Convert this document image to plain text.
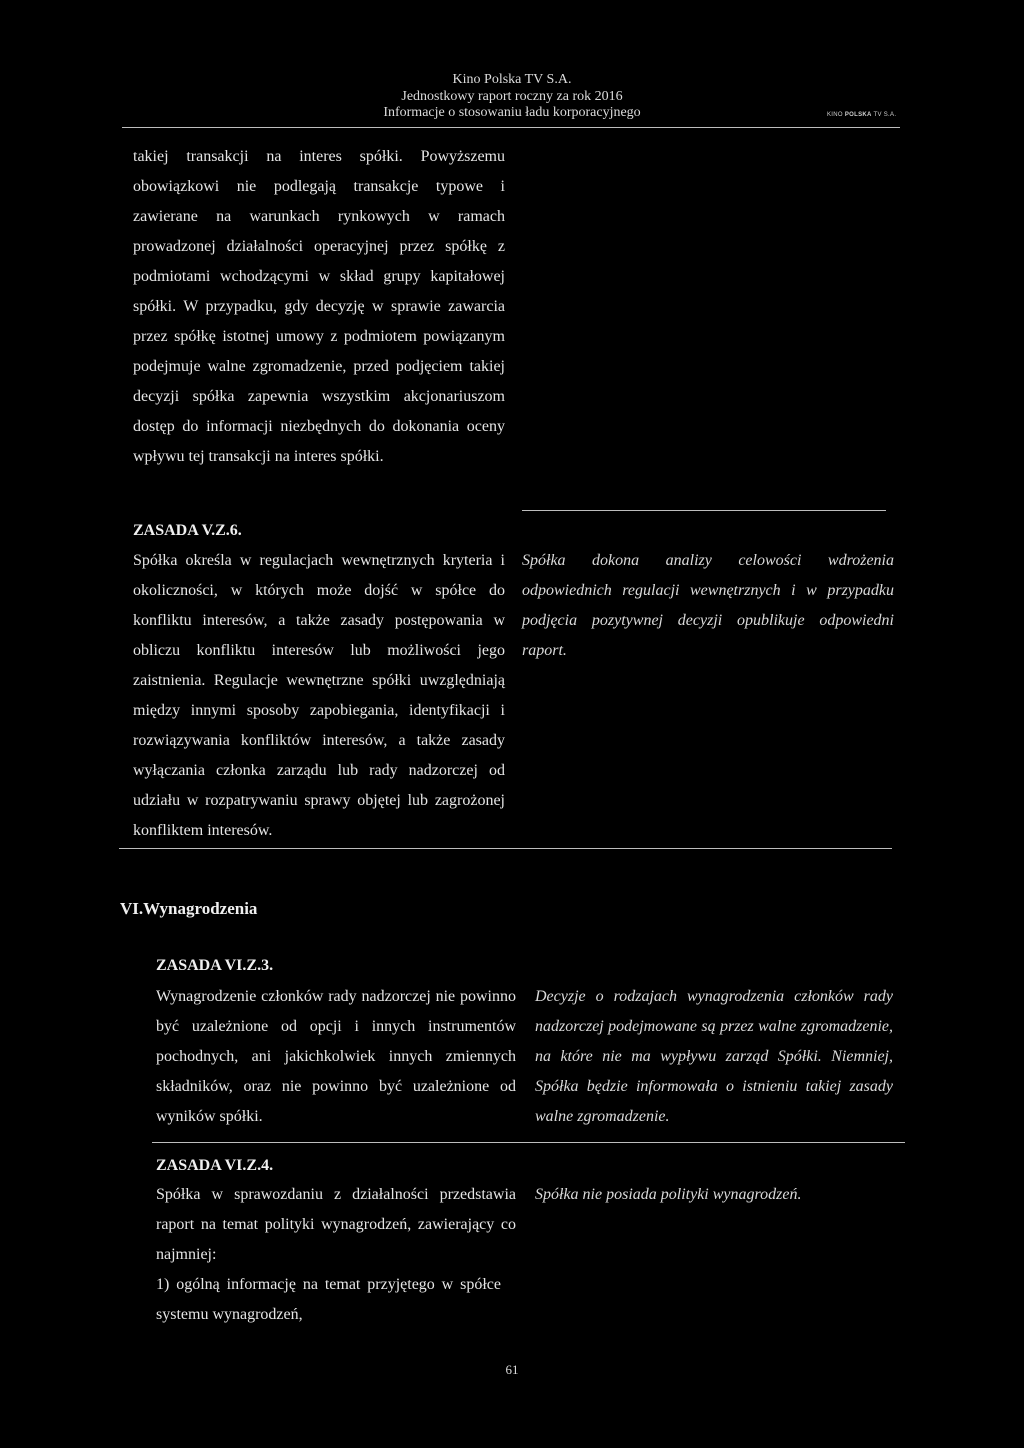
Kino Polska TV S.A.
Jednostkowy raport roczny za rok 2016
Informacje o stosowaniu ładu korporacyjnego	KINO POLSKA TV S.A.
takiej transakcji na interes spółki. Powyższemu obowiązkowi nie podlegają transakcje typowe i zawierane na warunkach rynkowych w ramach prowadzonej działalności operacyjnej przez spółkę z podmiotami wchodzącymi w skład grupy kapitałowej spółki. W przypadku, gdy decyzję w sprawie zawarcia przez spółkę istotnej umowy z podmiotem powiązanym podejmuje walne zgromadzenie, przed podjęciem takiej decyzji spółka zapewnia wszystkim akcjonariuszom dostęp do informacji niezbędnych do dokonania oceny wpływu tej transakcji na interes spółki.
ZASADA V.Z.6.
Spółka określa w regulacjach wewnętrznych kryteria i okoliczności, w których może dojść w spółce do konfliktu interesów, a także zasady postępowania w obliczu konfliktu interesów lub możliwości jego zaistnienia. Regulacje wewnętrzne spółki uwzględniają między innymi sposoby zapobiegania, identyfikacji i rozwiązywania konfliktów interesów, a także zasady wyłączania członka zarządu lub rady nadzorczej od udziału w rozpatrywaniu sprawy objętej lub zagrożonej konfliktem interesów.
Spółka dokona analizy celowości wdrożenia odpowiednich regulacji wewnętrznych i w przypadku podjęcia pozytywnej decyzji opublikuje odpowiedni raport.
VI.Wynagrodzenia
ZASADA VI.Z.3.
Wynagrodzenie członków rady nadzorczej nie powinno być uzależnione od opcji i innych instrumentów pochodnych, ani jakichkolwiek innych zmiennych składników, oraz nie powinno być uzależnione od wyników spółki.
Decyzje o rodzajach wynagrodzenia członków rady nadzorczej podejmowane są przez walne zgromadzenie, na które nie ma wypływu zarząd Spółki. Niemniej, Spółka będzie informowała o istnieniu takiej zasady walne zgromadzenie.
ZASADA VI.Z.4.
Spółka w sprawozdaniu z działalności przedstawia raport na temat polityki wynagrodzeń, zawierający co najmniej:
1) ogólną informację na temat przyjętego w spółce systemu wynagrodzeń,
Spółka nie posiada polityki wynagrodzeń.
61
